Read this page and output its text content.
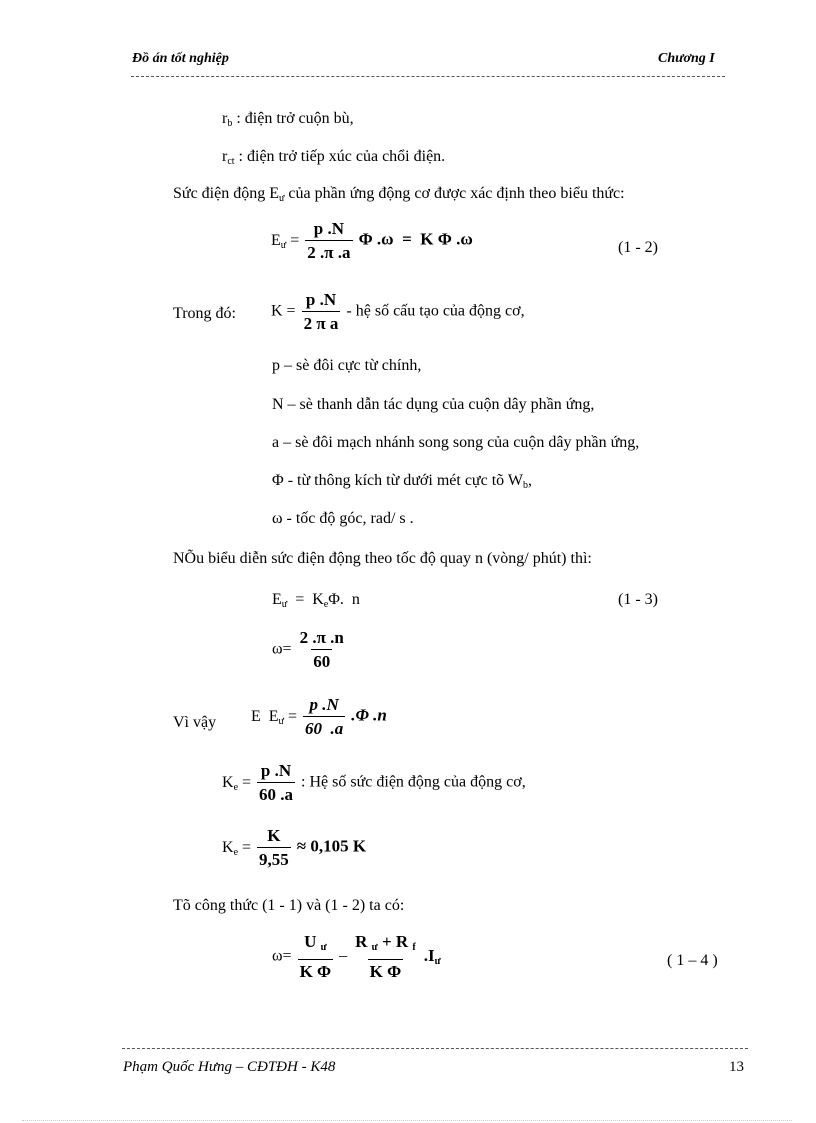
Đồ án tốt nghiệp	Chương I
$r_b$ : điện trở cuộn bù,
$r_{ct}$ : điện trở tiếp xúc của chổi điện.
Sức điện động $E_ư$ của phần ứng động cơ được xác định theo biểu thức:
$E_ư = \frac{p .N}{2 .\pi .a}$ Φ .ω  =  K Φ .ω	(1 - 2)
Trong đó: $K = \frac{p .N}{\text{2 π a}}$ - hệ số cấu tạo của động cơ,
p – sè đôi cực từ chính,
N – sè thanh dẫn tác dụng của cuộn dây phần ứng,
a – sè đôi mạch nhánh song song của cuộn dây phần ứng,
Φ - từ thông kích từ dưới mét cực tõ $W_b$,
ω - tốc độ góc, rad/ s .
NÕu biểu diễn sức điện động theo tốc độ quay n (vòng/ phút) thì:
$E_ư = K_e\Phi$.  n	(1 - 3)
$\omega= \frac{2 .\pi .n}{60}$
Vì vậy E  $E_ư = \frac{p .N}{60 .a} .\Phi$ .n
$K_e = \frac{p .N}{60 .a}$ : Hệ số sức điện động của động cơ,
$K_e = \frac{K}{9,55} \approx 0,105$ K
Tõ công thức (1 - 1) và (1 - 2) ta có:
$\omega= \frac{U _ư}{\text{K Φ}} - \frac{R _ư + R _f}{\text{K Φ}} .I_ư$	( 1 – 4 )
Phạm Quốc Hưng – CĐTĐH - K48	13
